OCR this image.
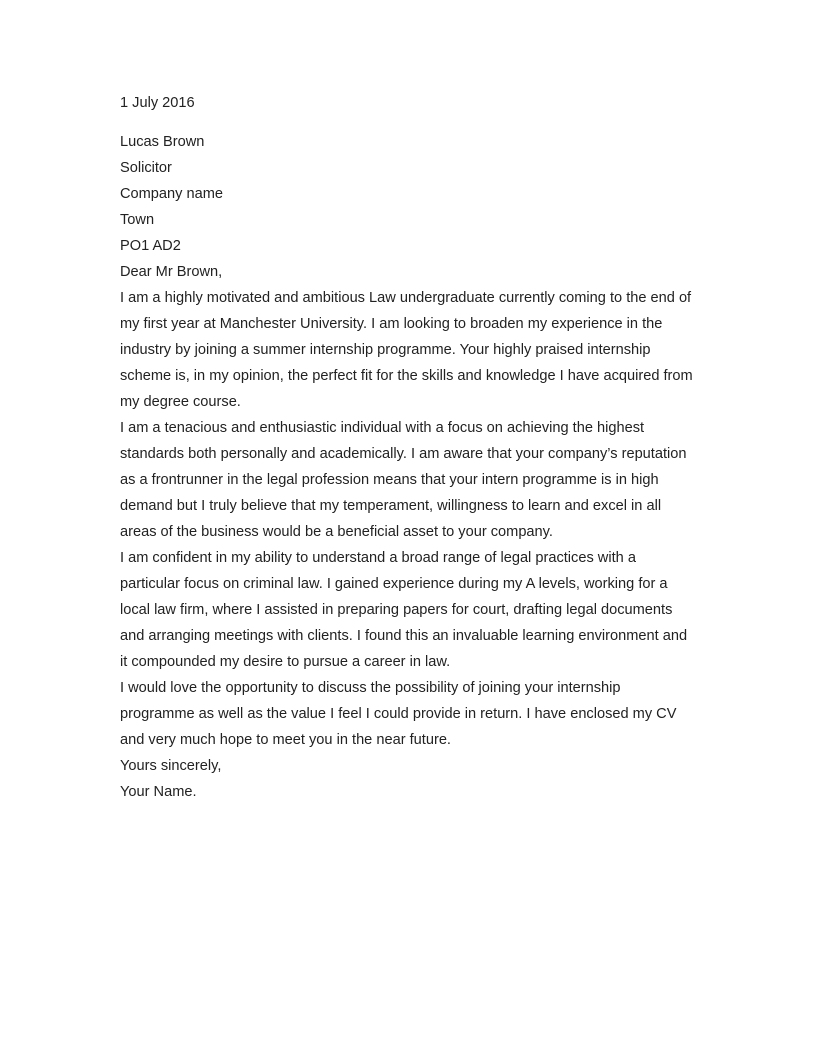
1 July 2016
Lucas Brown
Solicitor
Company name
Town
PO1 AD2
Dear Mr Brown,
I am a highly motivated and ambitious Law undergraduate currently coming to the end of
my first year at Manchester University. I am looking to broaden my experience in the
industry by joining a summer internship programme. Your highly praised internship
scheme is, in my opinion, the perfect fit for the skills and knowledge I have acquired from
my degree course.
I am a tenacious and enthusiastic individual with a focus on achieving the highest
standards both personally and academically. I am aware that your company’s reputation
as a frontrunner in the legal profession means that your intern programme is in high
demand but I truly believe that my temperament, willingness to learn and excel in all
areas of the business would be a beneficial asset to your company.
I am confident in my ability to understand a broad range of legal practices with a
particular focus on criminal law. I gained experience during my A levels, working for a
local law firm, where I assisted in preparing papers for court, drafting legal documents
and arranging meetings with clients. I found this an invaluable learning environment and
it compounded my desire to pursue a career in law.
I would love the opportunity to discuss the possibility of joining your internship
programme as well as the value I feel I could provide in return. I have enclosed my CV
and very much hope to meet you in the near future.
Yours sincerely,
Your Name.
